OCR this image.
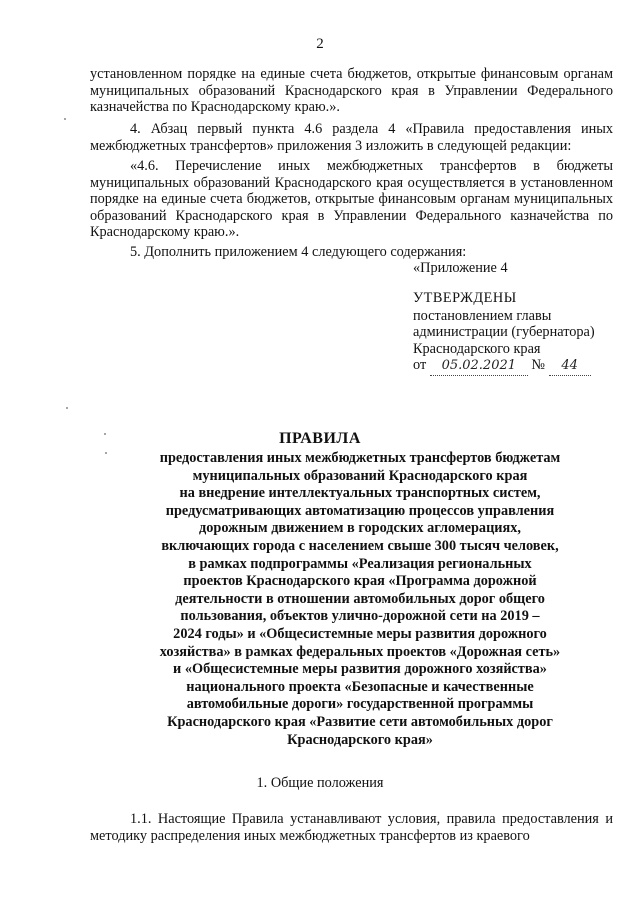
2
установленном порядке на единые счета бюджетов, открытые финансовым органам муниципальных образований Краснодарского края в Управлении Федерального казначейства по Краснодарскому краю.».
4. Абзац первый пункта 4.6 раздела 4 «Правила предоставления иных межбюджетных трансфертов» приложения 3 изложить в следующей редакции:
«4.6. Перечисление иных межбюджетных трансфертов в бюджеты муниципальных образований Краснодарского края осуществляется в установленном порядке на единые счета бюджетов, открытые финансовым органам муниципальных образований Краснодарского края в Управлении Федерального казначейства по Краснодарскому краю.».
5. Дополнить приложением 4 следующего содержания:
«Приложение 4
УТВЕРЖДЕНЫ
постановлением главы
администрации (губернатора)
Краснодарского края
от 05.02.2021 № 44
ПРАВИЛА
предоставления иных межбюджетных трансфертов бюджетам
муниципальных образований Краснодарского края
на внедрение интеллектуальных транспортных систем,
предусматривающих автоматизацию процессов управления
дорожным движением в городских агломерациях,
включающих города с населением свыше 300 тысяч человек,
в рамках подпрограммы «Реализация региональных
проектов Краснодарского края «Программа дорожной
деятельности в отношении автомобильных дорог общего
пользования, объектов улично-дорожной сети на 2019 –
2024 годы» и «Общесистемные меры развития дорожного
хозяйства» в рамках федеральных проектов «Дорожная сеть»
и «Общесистемные меры развития дорожного хозяйства»
национального проекта «Безопасные и качественные
автомобильные дороги» государственной программы
Краснодарского края «Развитие сети автомобильных дорог
Краснодарского края»
1. Общие положения
1.1. Настоящие Правила устанавливают условия, правила предоставления и методику распределения иных межбюджетных трансфертов из краевого
